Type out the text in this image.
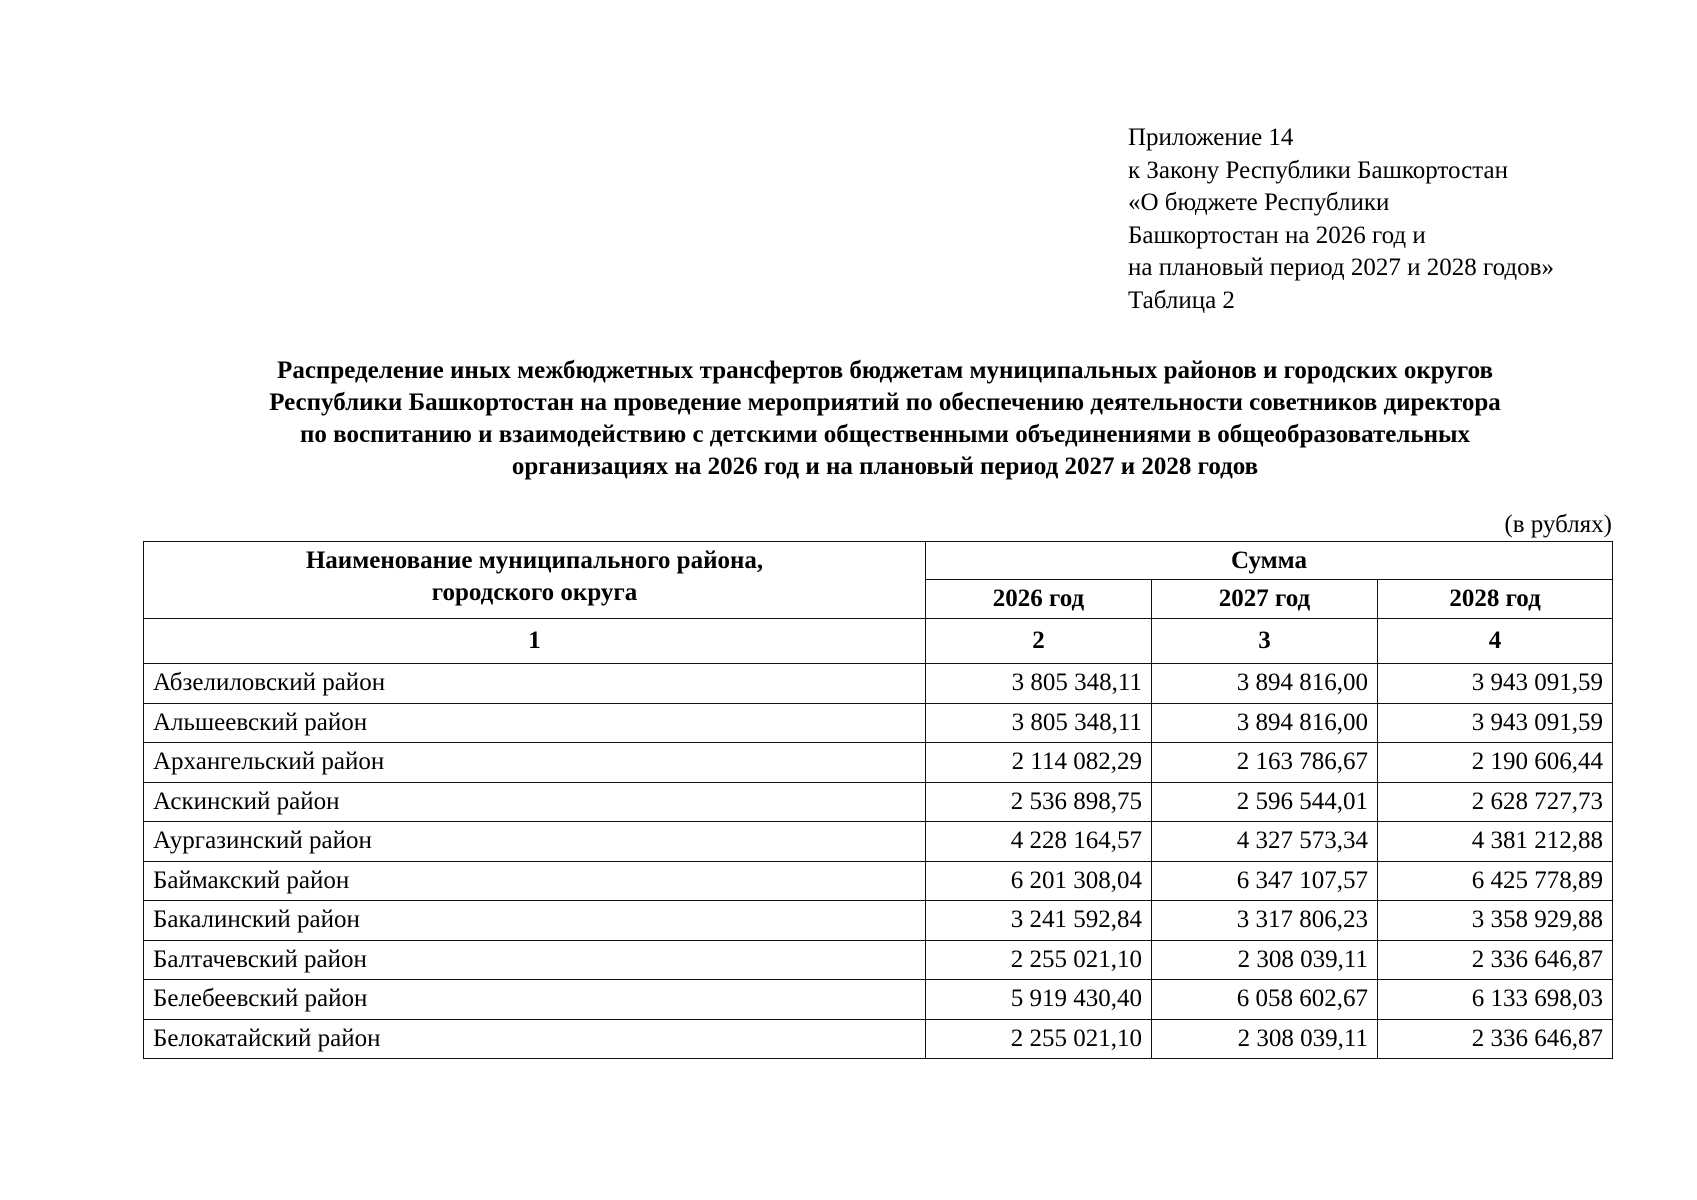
Приложение 14
к Закону Республики Башкортостан
«О бюджете Республики
Башкортостан на 2026 год и
на плановый период 2027 и 2028 годов»
Таблица 2
Распределение иных межбюджетных трансфертов бюджетам муниципальных районов и городских округов
Республики Башкортостан на проведение мероприятий по обеспечению деятельности советников директора
по воспитанию и взаимодействию с детскими общественными объединениями в общеобразовательных
организациях на 2026 год и на плановый период 2027 и 2028 годов
(в рублях)
Наименование муниципального района,
городского округа	Сумма		
	2026 год	2027 год	2028 год
1	2	3	4
Абзелиловский район	3 805 348,11	3 894 816,00	3 943 091,59
Альшеевский район	3 805 348,11	3 894 816,00	3 943 091,59
Архангельский район	2 114 082,29	2 163 786,67	2 190 606,44
Аскинский район	2 536 898,75	2 596 544,01	2 628 727,73
Аургазинский район	4 228 164,57	4 327 573,34	4 381 212,88
Баймакский район	6 201 308,04	6 347 107,57	6 425 778,89
Бакалинский район	3 241 592,84	3 317 806,23	3 358 929,88
Балтачевский район	2 255 021,10	2 308 039,11	2 336 646,87
Белебеевский район	5 919 430,40	6 058 602,67	6 133 698,03
Белокатайский район	2 255 021,10	2 308 039,11	2 336 646,87
